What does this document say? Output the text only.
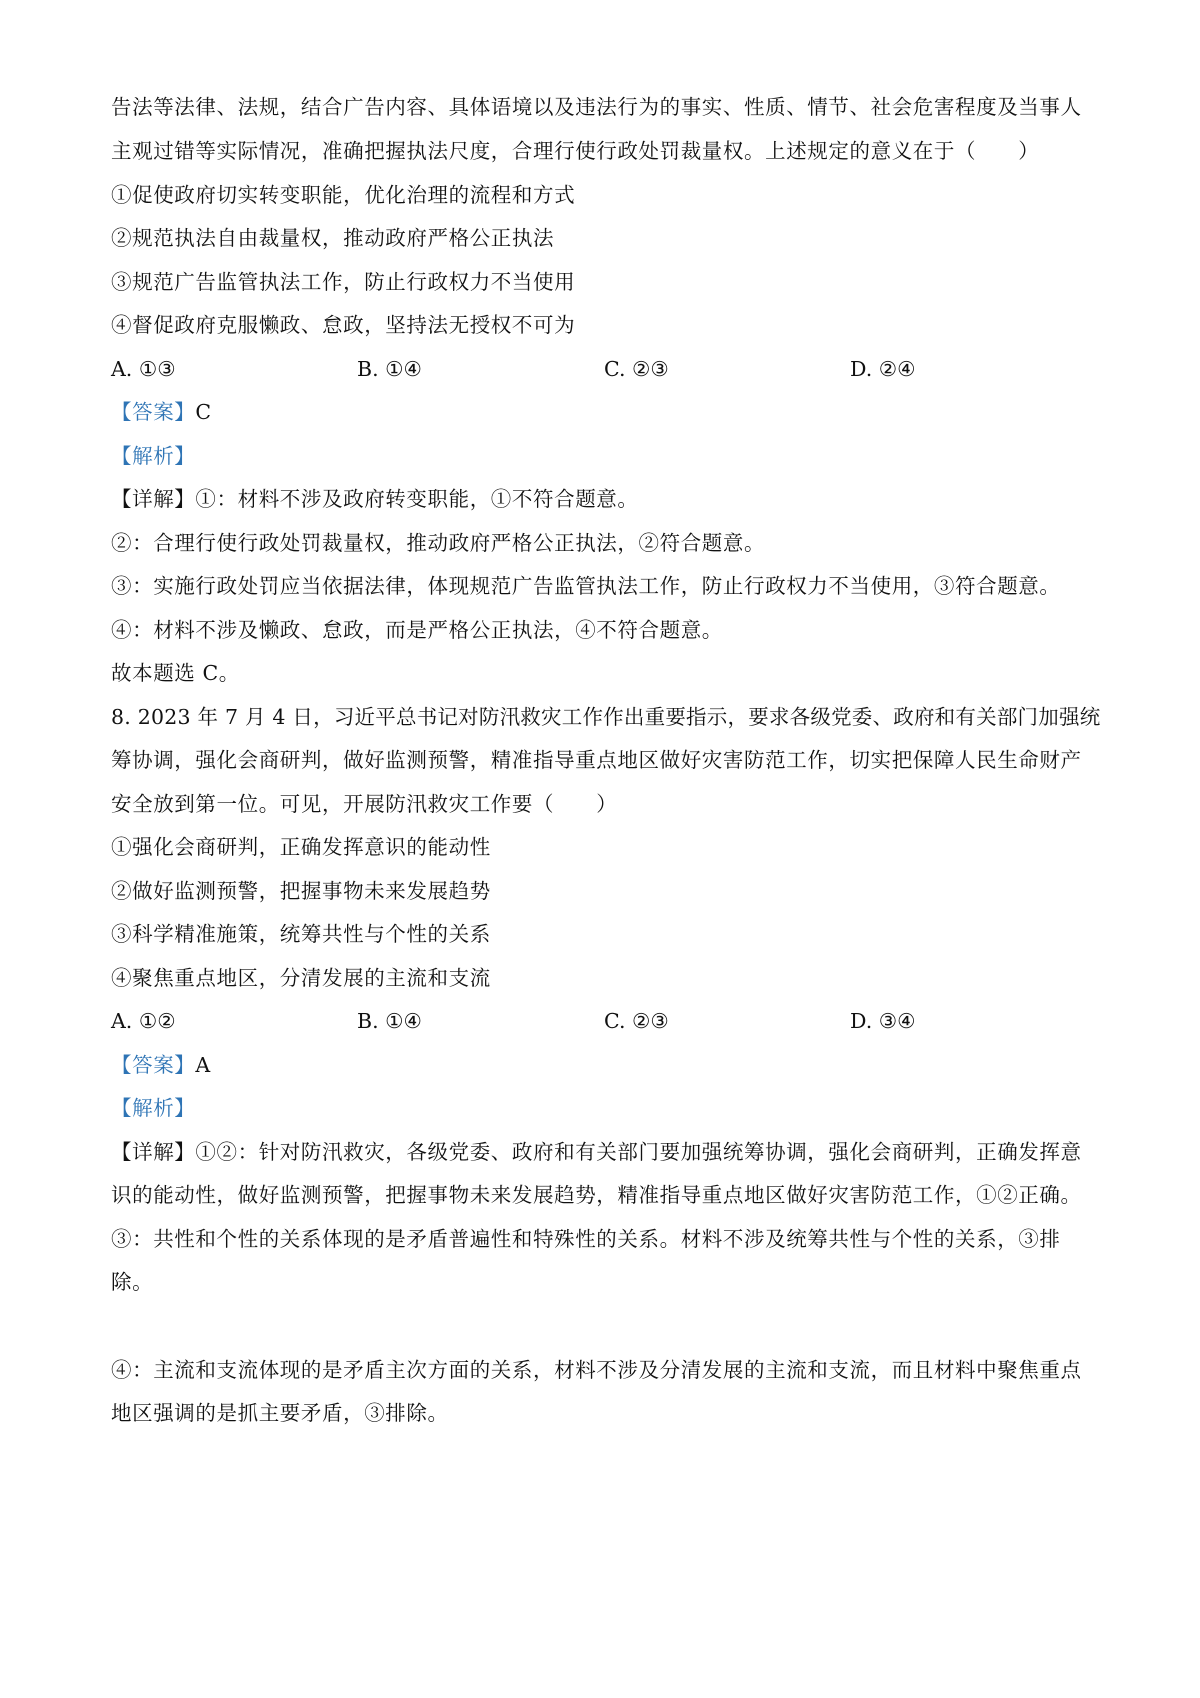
告法等法律、法规，结合广告内容、具体语境以及违法行为的事实、性质、情节、社会危害程度及当事人
主观过错等实际情况，准确把握执法尺度，合理行使行政处罚裁量权。上述规定的意义在于（　　）
①促使政府切实转变职能，优化治理的流程和方式
②规范执法自由裁量权，推动政府严格公正执法
③规范广告监管执法工作，防止行政权力不当使用
④督促政府克服懒政、怠政，坚持法无授权不可为
A. ①③	B. ①④	C. ②③	D. ②④
【答案】C
【解析】
【详解】①：材料不涉及政府转变职能，①不符合题意。
②：合理行使行政处罚裁量权，推动政府严格公正执法，②符合题意。
③：实施行政处罚应当依据法律，体现规范广告监管执法工作，防止行政权力不当使用，③符合题意。
④：材料不涉及懒政、怠政，而是严格公正执法，④不符合题意。
故本题选 C。
8. 2023 年 7 月 4 日，习近平总书记对防汛救灾工作作出重要指示，要求各级党委、政府和有关部门加强统
筹协调，强化会商研判，做好监测预警，精准指导重点地区做好灾害防范工作，切实把保障人民生命财产
安全放到第一位。可见，开展防汛救灾工作要（　　）
①强化会商研判，正确发挥意识的能动性
②做好监测预警，把握事物未来发展趋势
③科学精准施策，统筹共性与个性的关系
④聚焦重点地区，分清发展的主流和支流
A. ①②	B. ①④	C. ②③	D. ③④
【答案】A
【解析】
【详解】①②：针对防汛救灾，各级党委、政府和有关部门要加强统筹协调，强化会商研判，正确发挥意
识的能动性，做好监测预警，把握事物未来发展趋势，精准指导重点地区做好灾害防范工作，①②正确。
③：共性和个性的关系体现的是矛盾普遍性和特殊性的关系。材料不涉及统筹共性与个性的关系，③排
除。
④：主流和支流体现的是矛盾主次方面的关系，材料不涉及分清发展的主流和支流，而且材料中聚焦重点
地区强调的是抓主要矛盾，③排除。
